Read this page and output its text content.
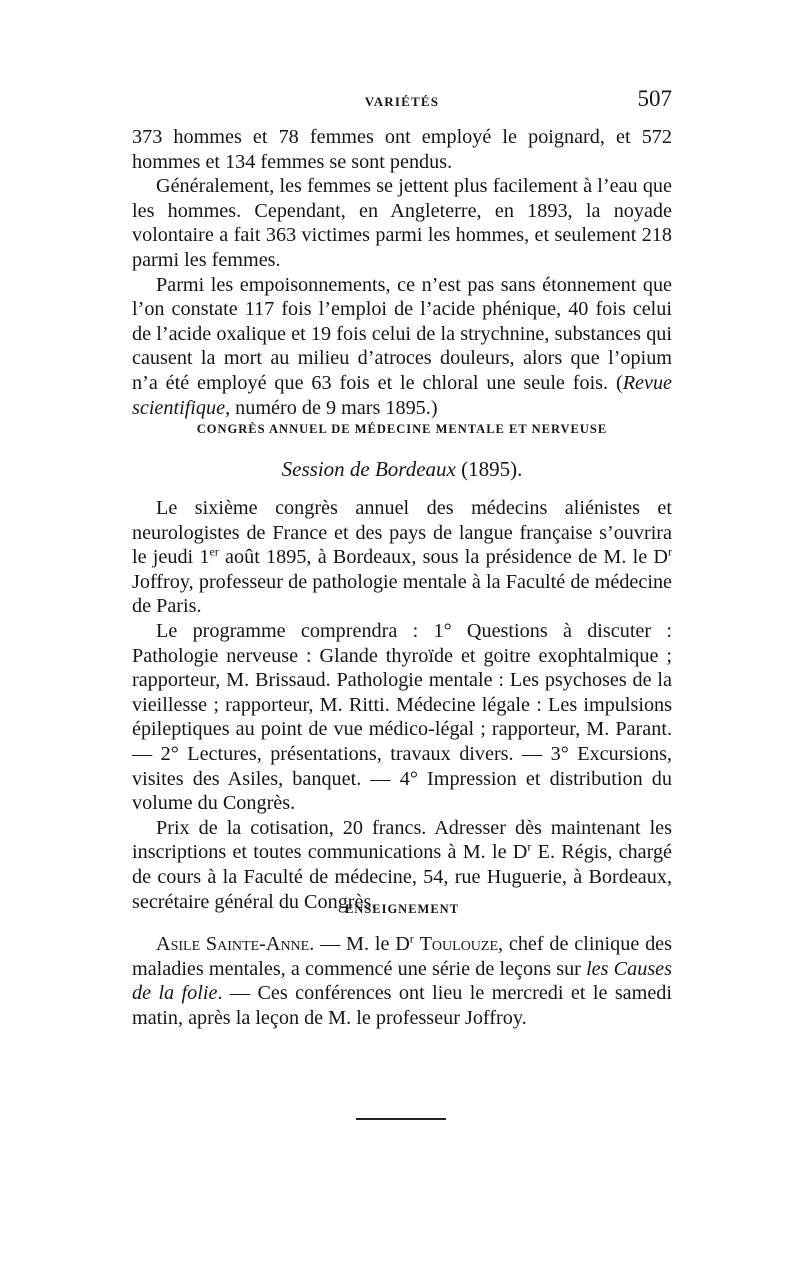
VARIÉTÉS	507

373 hommes et 78 femmes ont employé le poignard, et 572 hommes et 134 femmes se sont pendus.

Généralement, les femmes se jettent plus facilement à l’eau que les hommes. Cependant, en Angleterre, en 1893, la noyade volontaire a fait 363 victimes parmi les hommes, et seulement 218 parmi les femmes.

Parmi les empoisonnements, ce n’est pas sans étonnement que l’on constate 117 fois l’emploi de l’acide phénique, 40 fois celui de l’acide oxalique et 19 fois celui de la strychnine, substances qui causent la mort au milieu d’atroces douleurs, alors que l’opium n’a été employé que 63 fois et le chloral une seule fois. (Revue scientifique, numéro de 9 mars 1895.)

CONGRÈS ANNUEL DE MÉDECINE MENTALE ET NERVEUSE
Session de Bordeaux (1895).

Le sixième congrès annuel des médecins aliénistes et neurologistes de France et des pays de langue française s’ouvrira le jeudi 1er août 1895, à Bordeaux, sous la présidence de M. le $D^r$ Joffroy, professeur de pathologie mentale à la Faculté de médecine de Paris.

Le programme comprendra : 1° Questions à discuter : Pathologie nerveuse : Glande thyroïde et goitre exophtalmique ; rapporteur, M. Brissaud. Pathologie mentale : Les psychoses de la vieillesse ; rapporteur, M. Ritti. Médecine légale : Les impulsions épileptiques au point de vue médico-légal ; rapporteur, M. Parant. — 2° Lectures, présentations, travaux divers. — 3° Excursions, visites des Asiles, banquet. — 4° Impression et distribution du volume du Congrès.

Prix de la cotisation, 20 francs. Adresser dès maintenant les inscriptions et toutes communications à M. le $D^r$ E. Régis, chargé de cours à la Faculté de médecine, 54, rue Huguerie, à Bordeaux, secrétaire général du Congrès.

ENSEIGNEMENT

Asile Sainte-Anne. — M. le $D^r$ Toulouze, chef de clinique des maladies mentales, a commencé une série de leçons sur les Causes de la folie. — Ces conférences ont lieu le mercredi et le samedi matin, après la leçon de M. le professeur Joffroy.
